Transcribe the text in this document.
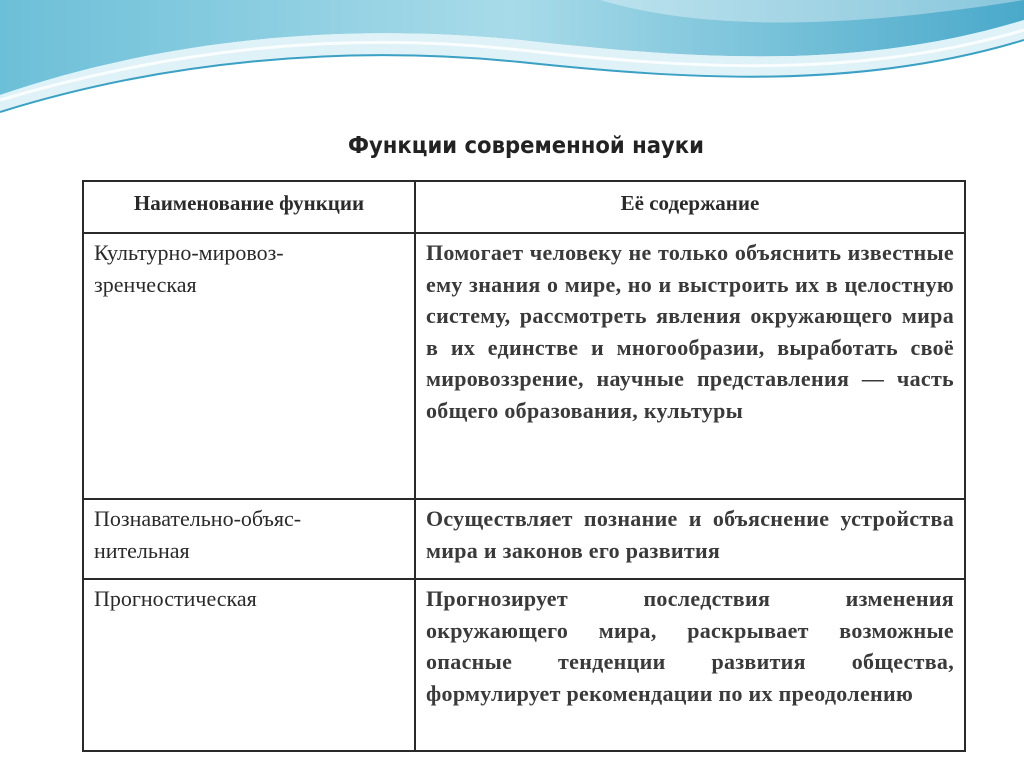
Функции современной науки
Наименование функции	Её содержание

Культурно-мировоз-
зренческая	Помогает человеку не только объяснить известные ему знания о мире, но и выстроить их в целостную систему, рассмотреть явления окружающего мира в их единстве и многообразии, выработать своё мировоззрение, научные представления — часть общего образования, культуры

Познавательно-объяс-
нительная	Осуществляет познание и объяснение устройства мира и законов его развития

Прогностическая	Прогнозирует последствия изменения окружающего мира, раскрывает возможные опасные тенденции развития общества, формулирует рекомендации по их преодолению
